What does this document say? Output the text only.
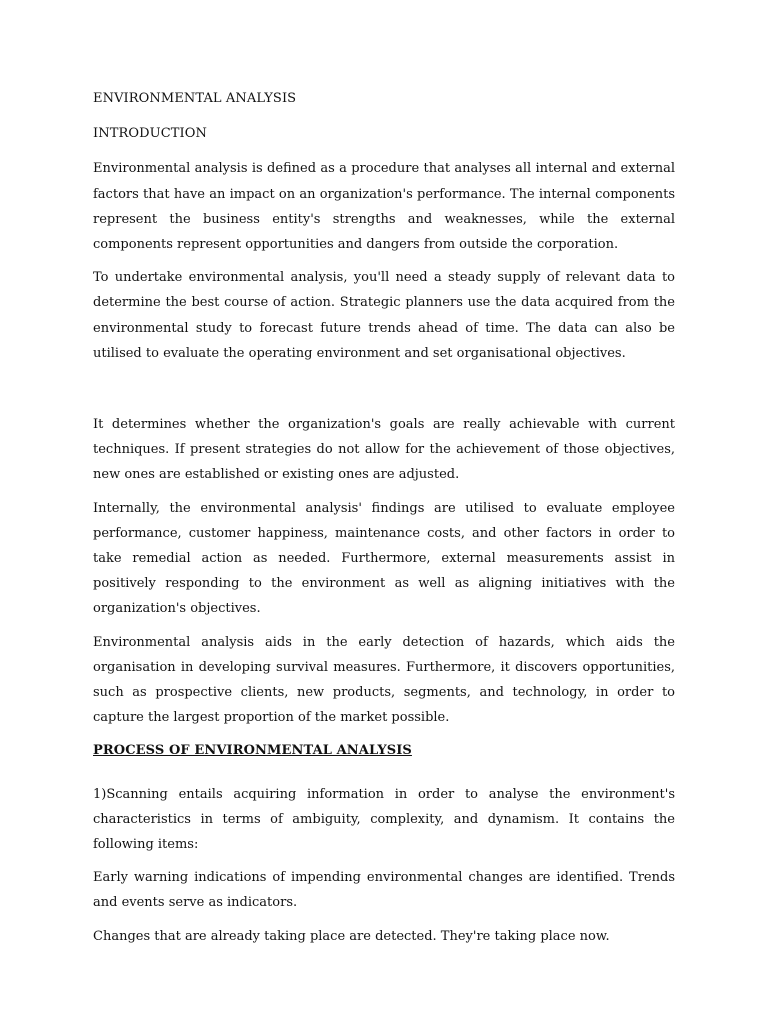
ENVIRONMENTAL ANALYSIS
INTRODUCTION

Environmental analysis is defined as a procedure that analyses all internal and external factors that have an impact on an organization's performance. The internal components represent the business entity's strengths and weaknesses, while the external components represent opportunities and dangers from outside the corporation.

To undertake environmental analysis, you'll need a steady supply of relevant data to determine the best course of action. Strategic planners use the data acquired from the environmental study to forecast future trends ahead of time. The data can also be utilised to evaluate the operating environment and set organisational objectives.

It determines whether the organization's goals are really achievable with current techniques. If present strategies do not allow for the achievement of those objectives, new ones are established or existing ones are adjusted.

Internally, the environmental analysis' findings are utilised to evaluate employee performance, customer happiness, maintenance costs, and other factors in order to take remedial action as needed. Furthermore, external measurements assist in positively responding to the environment as well as aligning initiatives with the organization's objectives.

Environmental analysis aids in the early detection of hazards, which aids the organisation in developing survival measures. Furthermore, it discovers opportunities, such as prospective clients, new products, segments, and technology, in order to capture the largest proportion of the market possible.

PROCESS OF ENVIRONMENTAL ANALYSIS

1)Scanning entails acquiring information in order to analyse the environment's characteristics in terms of ambiguity, complexity, and dynamism. It contains the following items:

Early warning indications of impending environmental changes are identified. Trends and events serve as indicators.

Changes that are already taking place are detected. They're taking place now.
